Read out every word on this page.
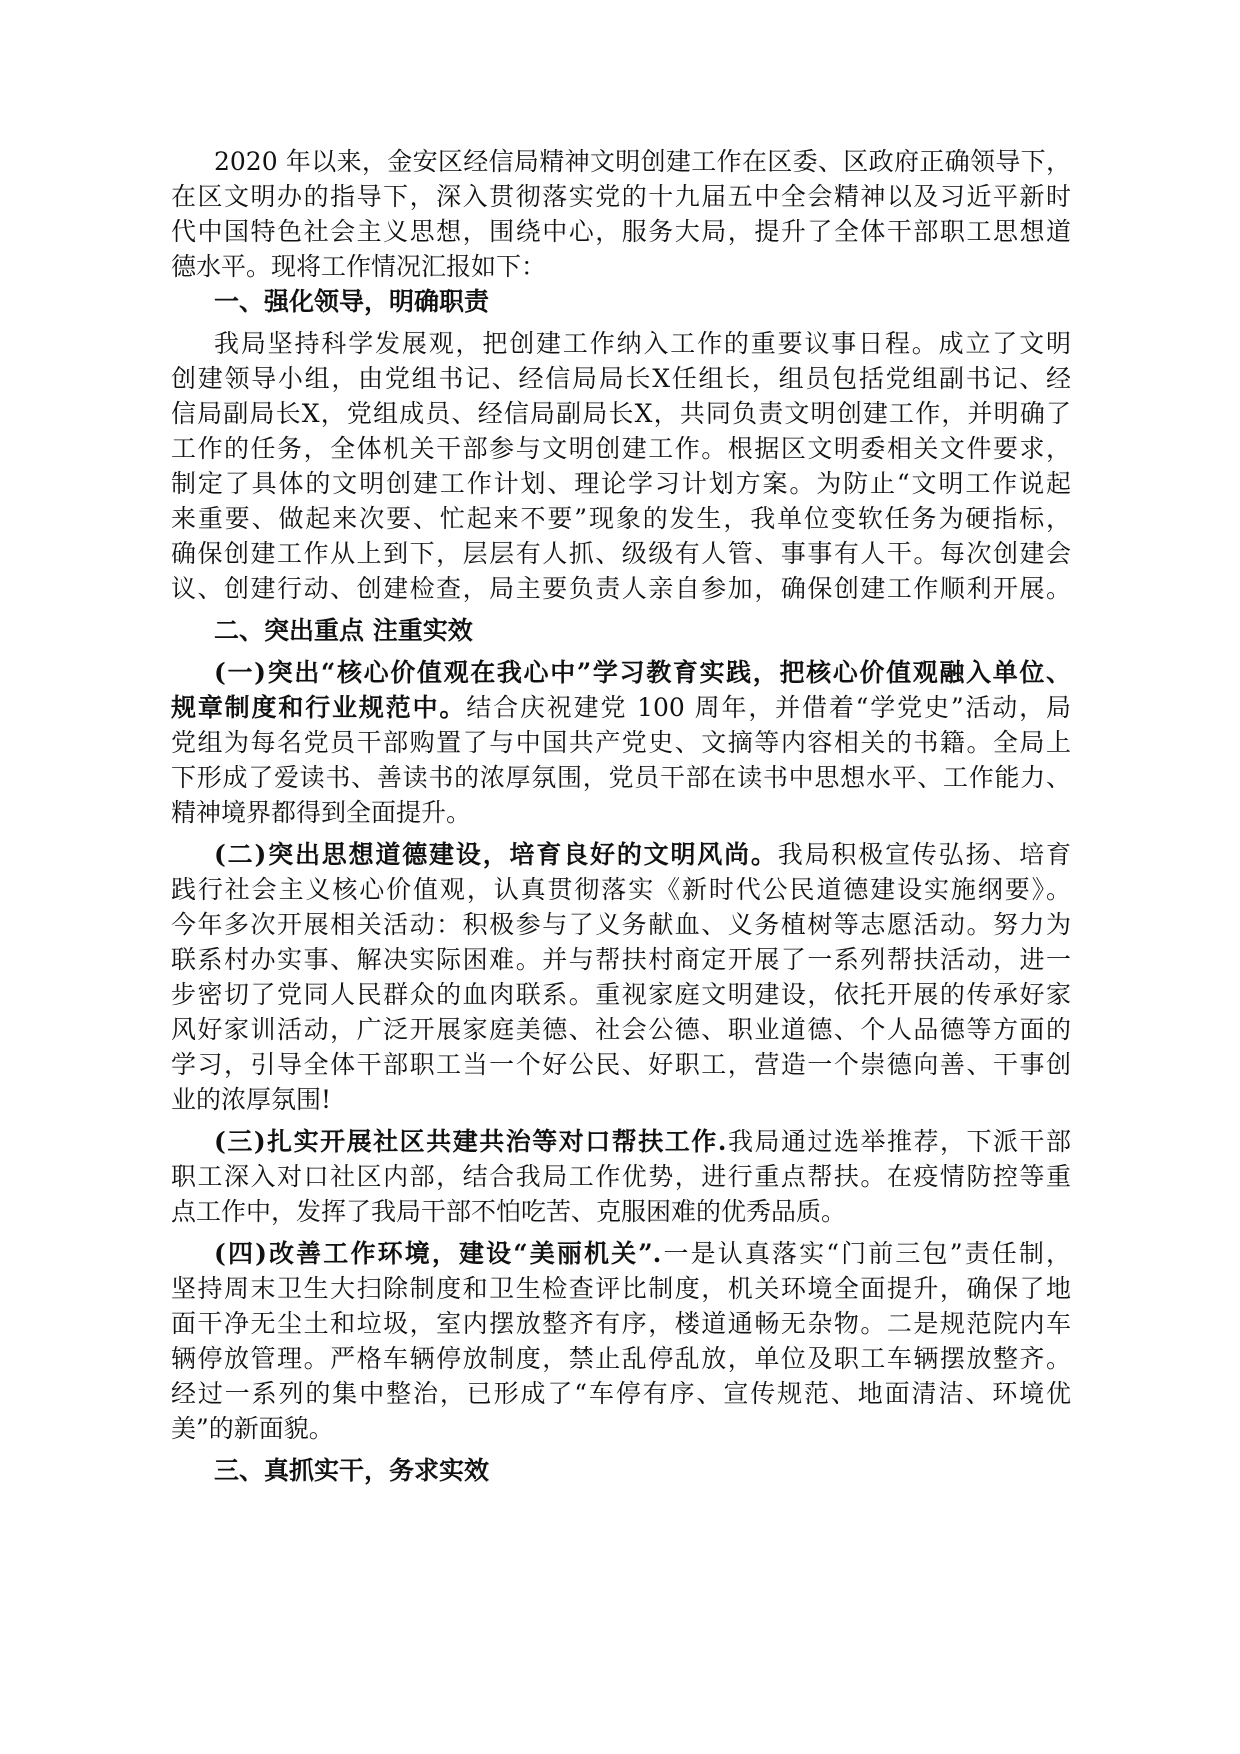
2020 年以来，金安区经信局精神文明创建工作在区委、区政府正确领导下，
在区文明办的指导下，深入贯彻落实党的十九届五中全会精神以及习近平新时
代中国特色社会主义思想，围绕中心，服务大局，提升了全体干部职工思想道
德水平。现将工作情况汇报如下：
一、强化领导，明确职责
我局坚持科学发展观，把创建工作纳入工作的重要议事日程。成立了文明
创建领导小组，由党组书记、经信局局长X任组长，组员包括党组副书记、经
信局副局长X，党组成员、经信局副局长X，共同负责文明创建工作，并明确了
工作的任务，全体机关干部参与文明创建工作。根据区文明委相关文件要求，
制定了具体的文明创建工作计划、理论学习计划方案。为防止“文明工作说起
来重要、做起来次要、忙起来不要”现象的发生，我单位变软任务为硬指标，
确保创建工作从上到下，层层有人抓、级级有人管、事事有人干。每次创建会
议、创建行动、创建检查，局主要负责人亲自参加，确保创建工作顺利开展。
二、突出重点 注重实效
(一)突出“核心价值观在我心中”学习教育实践，把核心价值观融入单位、
规章制度和行业规范中。结合庆祝建党 100 周年，并借着“学党史”活动，局
党组为每名党员干部购置了与中国共产党史、文摘等内容相关的书籍。全局上
下形成了爱读书、善读书的浓厚氛围，党员干部在读书中思想水平、工作能力、
精神境界都得到全面提升。
(二)突出思想道德建设，培育良好的文明风尚。我局积极宣传弘扬、培育
践行社会主义核心价值观，认真贯彻落实《新时代公民道德建设实施纲要》。
今年多次开展相关活动：积极参与了义务献血、义务植树等志愿活动。努力为
联系村办实事、解决实际困难。并与帮扶村商定开展了一系列帮扶活动，进一
步密切了党同人民群众的血肉联系。重视家庭文明建设，依托开展的传承好家
风好家训活动，广泛开展家庭美德、社会公德、职业道德、个人品德等方面的
学习，引导全体干部职工当一个好公民、好职工，营造一个崇德向善、干事创
业的浓厚氛围!
(三)扎实开展社区共建共治等对口帮扶工作.我局通过选举推荐，下派干部
职工深入对口社区内部，结合我局工作优势，进行重点帮扶。在疫情防控等重
点工作中，发挥了我局干部不怕吃苦、克服困难的优秀品质。
(四)改善工作环境，建设“美丽机关”.一是认真落实“门前三包”责任制，
坚持周末卫生大扫除制度和卫生检查评比制度，机关环境全面提升，确保了地
面干净无尘土和垃圾，室内摆放整齐有序，楼道通畅无杂物。二是规范院内车
辆停放管理。严格车辆停放制度，禁止乱停乱放，单位及职工车辆摆放整齐。
经过一系列的集中整治，已形成了“车停有序、宣传规范、地面清洁、环境优
美”的新面貌。
三、真抓实干，务求实效
